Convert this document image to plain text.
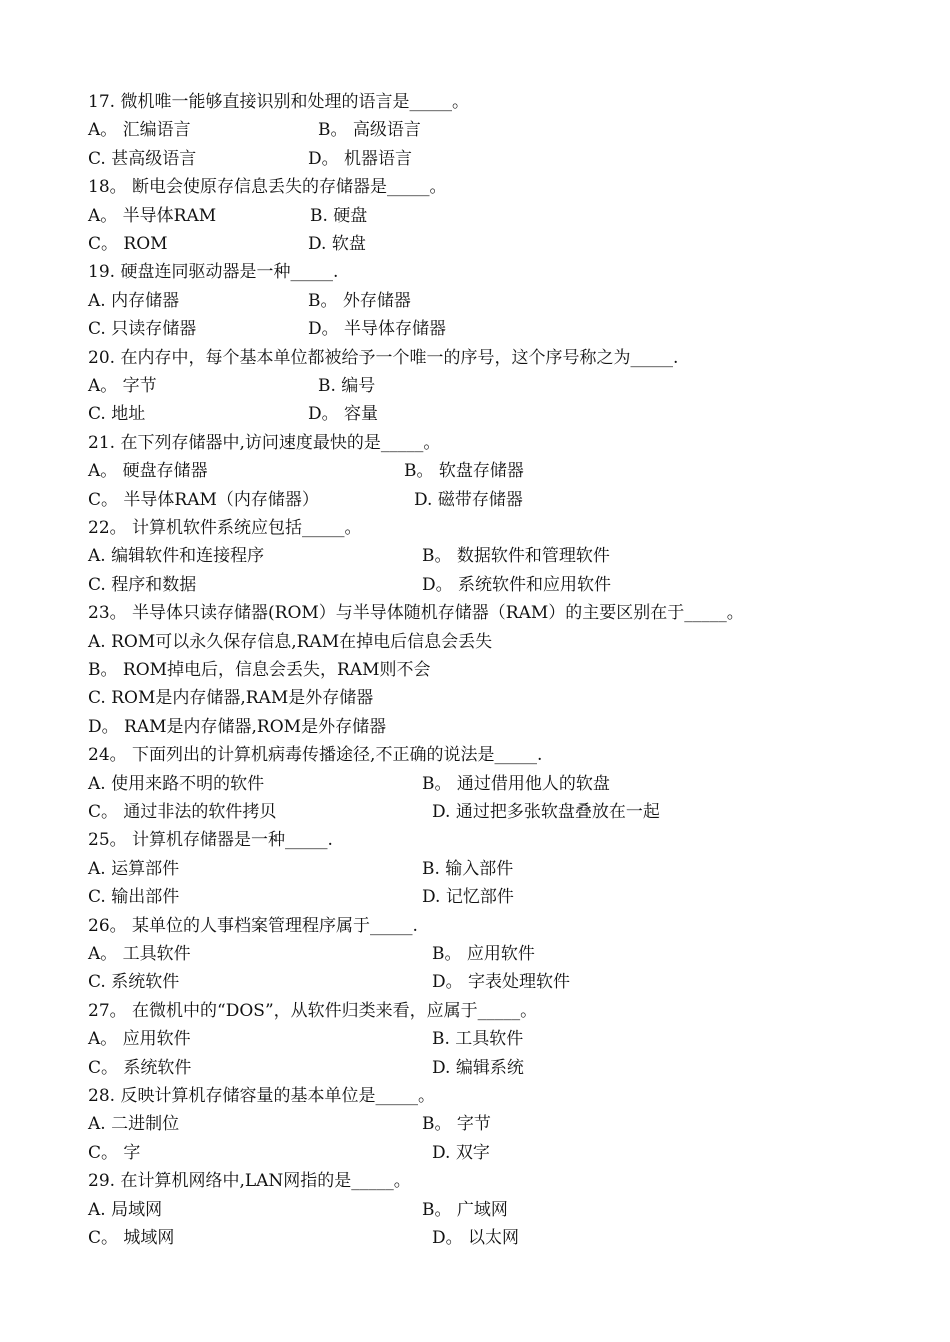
17. 微机唯一能够直接识别和处理的语言是_____。
A。 汇编语言	B。 高级语言
C. 甚高级语言	D。 机器语言
18。 断电会使原存信息丢失的存储器是_____。
A。 半导体RAM	B. 硬盘
C。 ROM	D. 软盘
19. 硬盘连同驱动器是一种_____.
A. 内存储器	B。 外存储器
C. 只读存储器	D。 半导体存储器
20. 在内存中，每个基本单位都被给予一个唯一的序号，这个序号称之为_____.
A。 字节	B. 编号
C. 地址	D。 容量
21. 在下列存储器中,访问速度最快的是_____。
A。 硬盘存储器	B。 软盘存储器
C。 半导体RAM（内存储器）	D. 磁带存储器
22。 计算机软件系统应包括_____。
A. 编辑软件和连接程序	B。 数据软件和管理软件
C. 程序和数据	D。 系统软件和应用软件
23。 半导体只读存储器(ROM）与半导体随机存储器（RAM）的主要区别在于_____。
A. ROM可以永久保存信息,RAM在掉电后信息会丢失
B。 ROM掉电后，信息会丢失，RAM则不会
C. ROM是内存储器,RAM是外存储器
D。 RAM是内存储器,ROM是外存储器
24。 下面列出的计算机病毒传播途径,不正确的说法是_____.
A. 使用来路不明的软件	B。 通过借用他人的软盘
C。 通过非法的软件拷贝	D. 通过把多张软盘叠放在一起
25。 计算机存储器是一种_____.
A. 运算部件	B. 输入部件
C. 输出部件	D. 记忆部件
26。 某单位的人事档案管理程序属于_____.
A。 工具软件	B。 应用软件
C. 系统软件	D。 字表处理软件
27。 在微机中的“DOS”，从软件归类来看，应属于_____。
A。 应用软件	B. 工具软件
C。 系统软件	D. 编辑系统
28. 反映计算机存储容量的基本单位是_____。
A. 二进制位	B。 字节
C。 字	D. 双字
29. 在计算机网络中,LAN网指的是_____。
A. 局域网	B。 广域网
C。 城域网	D。 以太网
